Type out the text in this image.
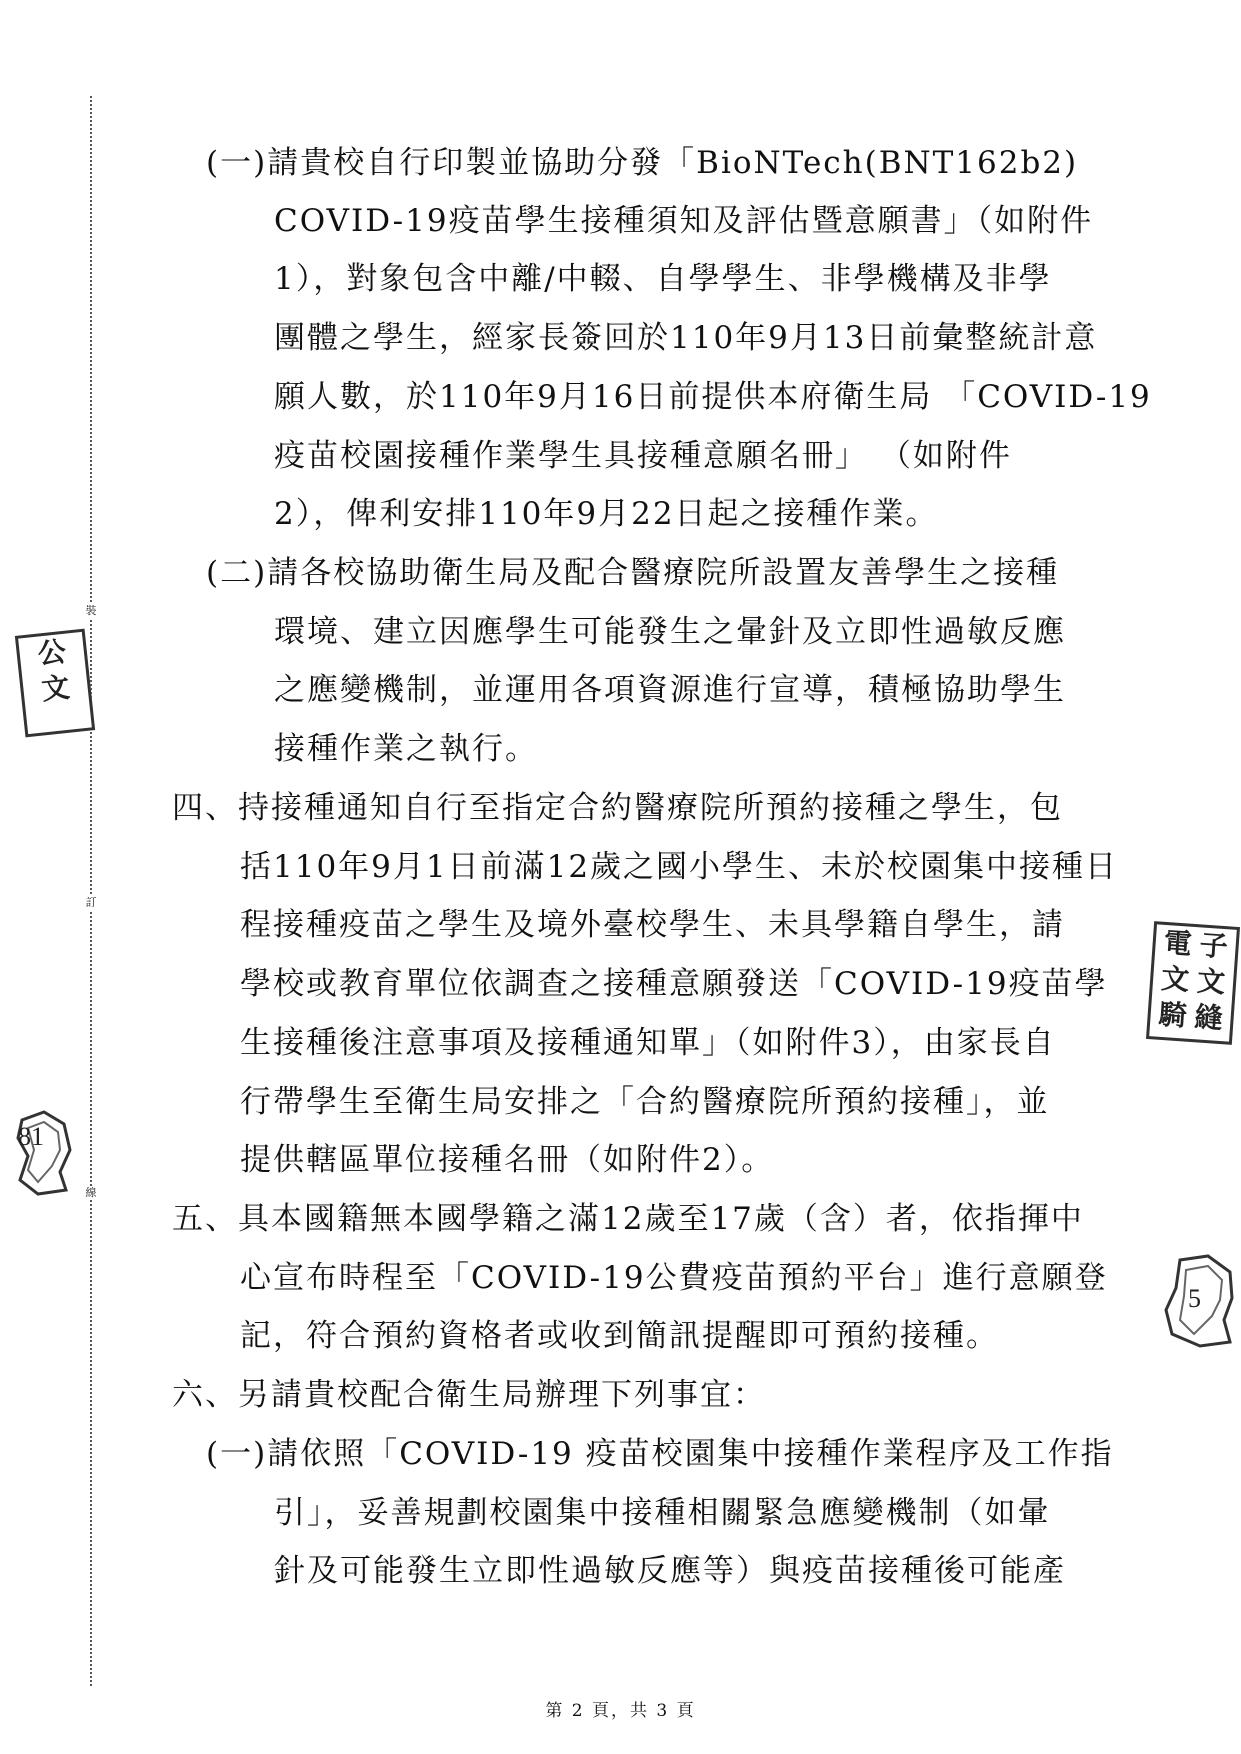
裝
訂
線
公
文
81
電 子
文 文
騎 縫
5
(一)請貴校自行印製並協助分發「BioNTech(BNT162b2)
COVID-19疫苗學生接種須知及評估暨意願書」（如附件
1），對象包含中離/中輟、自學學生、非學機構及非學
團體之學生，經家長簽回於110年9月13日前彙整統計意
願人數，於110年9月16日前提供本府衛生局 「COVID-19
疫苗校園接種作業學生具接種意願名冊」 （如附件
2），俾利安排110年9月22日起之接種作業。
(二)請各校協助衛生局及配合醫療院所設置友善學生之接種
環境、建立因應學生可能發生之暈針及立即性過敏反應
之應變機制，並運用各項資源進行宣導，積極協助學生
接種作業之執行。
四、持接種通知自行至指定合約醫療院所預約接種之學生，包
括110年9月1日前滿12歲之國小學生、未於校園集中接種日
程接種疫苗之學生及境外臺校學生、未具學籍自學生，請
學校或教育單位依調查之接種意願發送「COVID-19疫苗學
生接種後注意事項及接種通知單」（如附件3），由家長自
行帶學生至衛生局安排之「合約醫療院所預約接種」，並
提供轄區單位接種名冊（如附件2）。
五、具本國籍無本國學籍之滿12歲至17歲（含）者，依指揮中
心宣布時程至「COVID-19公費疫苗預約平台」進行意願登
記，符合預約資格者或收到簡訊提醒即可預約接種。
六、另請貴校配合衛生局辦理下列事宜：
(一)請依照「COVID-19 疫苗校園集中接種作業程序及工作指
引」，妥善規劃校園集中接種相關緊急應變機制（如暈
針及可能發生立即性過敏反應等）與疫苗接種後可能產
第 2 頁，共 3 頁
